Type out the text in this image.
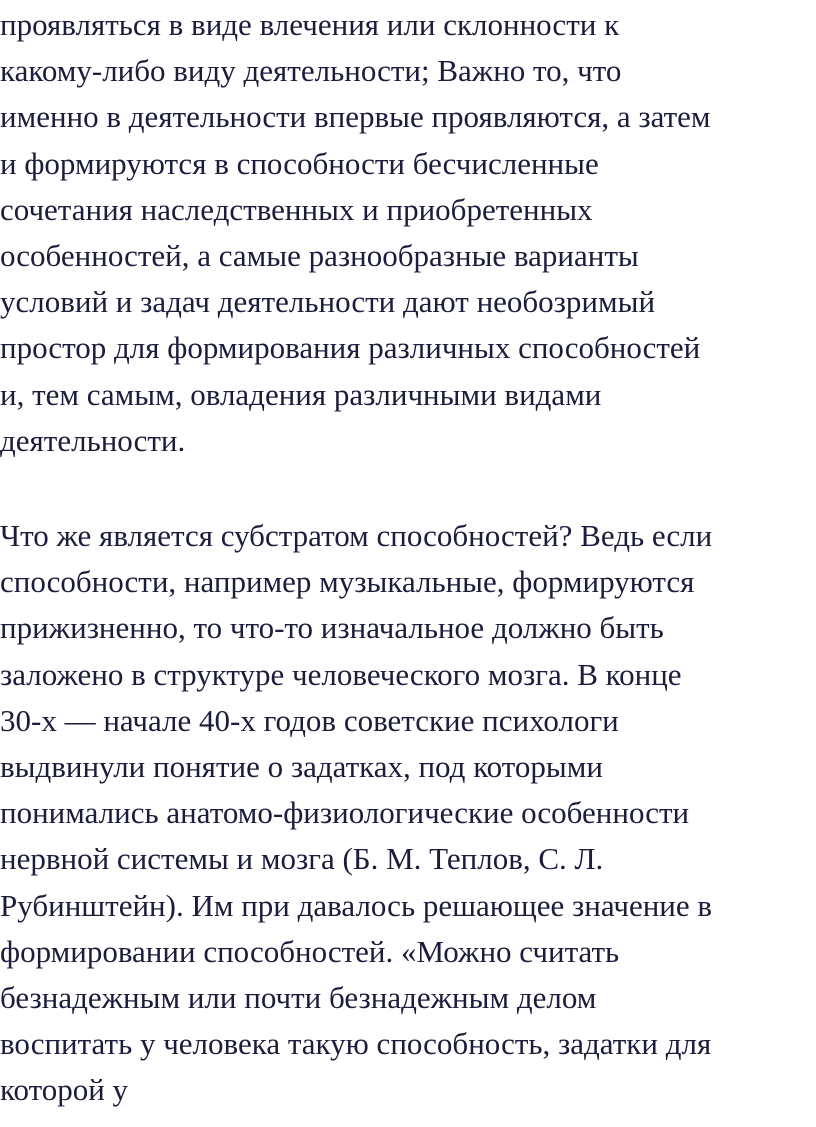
проявляться в виде влечения или склонности к
какому-либо виду деятельности; Важно то, что
именно в деятельности впервые проявляются, а затем
и формируются в способности бесчисленные
сочетания наследственных и приобретенных
особенностей, а самые разнообразные варианты
условий и задач деятельности дают необозримый
простор для формирования различных способностей
и, тем самым, овладения различными видами
деятельности.
Что же является субстратом способностей? Ведь если
способности, например музыкальные, формируются
прижизненно, то что-то изначальное должно быть
заложено в структуре человеческого мозга. В конце
30-х — начале 40-х годов советские психологи
выдвинули понятие о задатках, под которыми
понимались анатомо-физиологические особенности
нервной системы и мозга (Б. М. Теплов, С. Л.
Рубинштейн). Им при давалось решающее значение в
формировании способностей. «Можно считать
безнадежным или почти безнадежным делом
воспитать у человека такую способность, задатки для
которой у
